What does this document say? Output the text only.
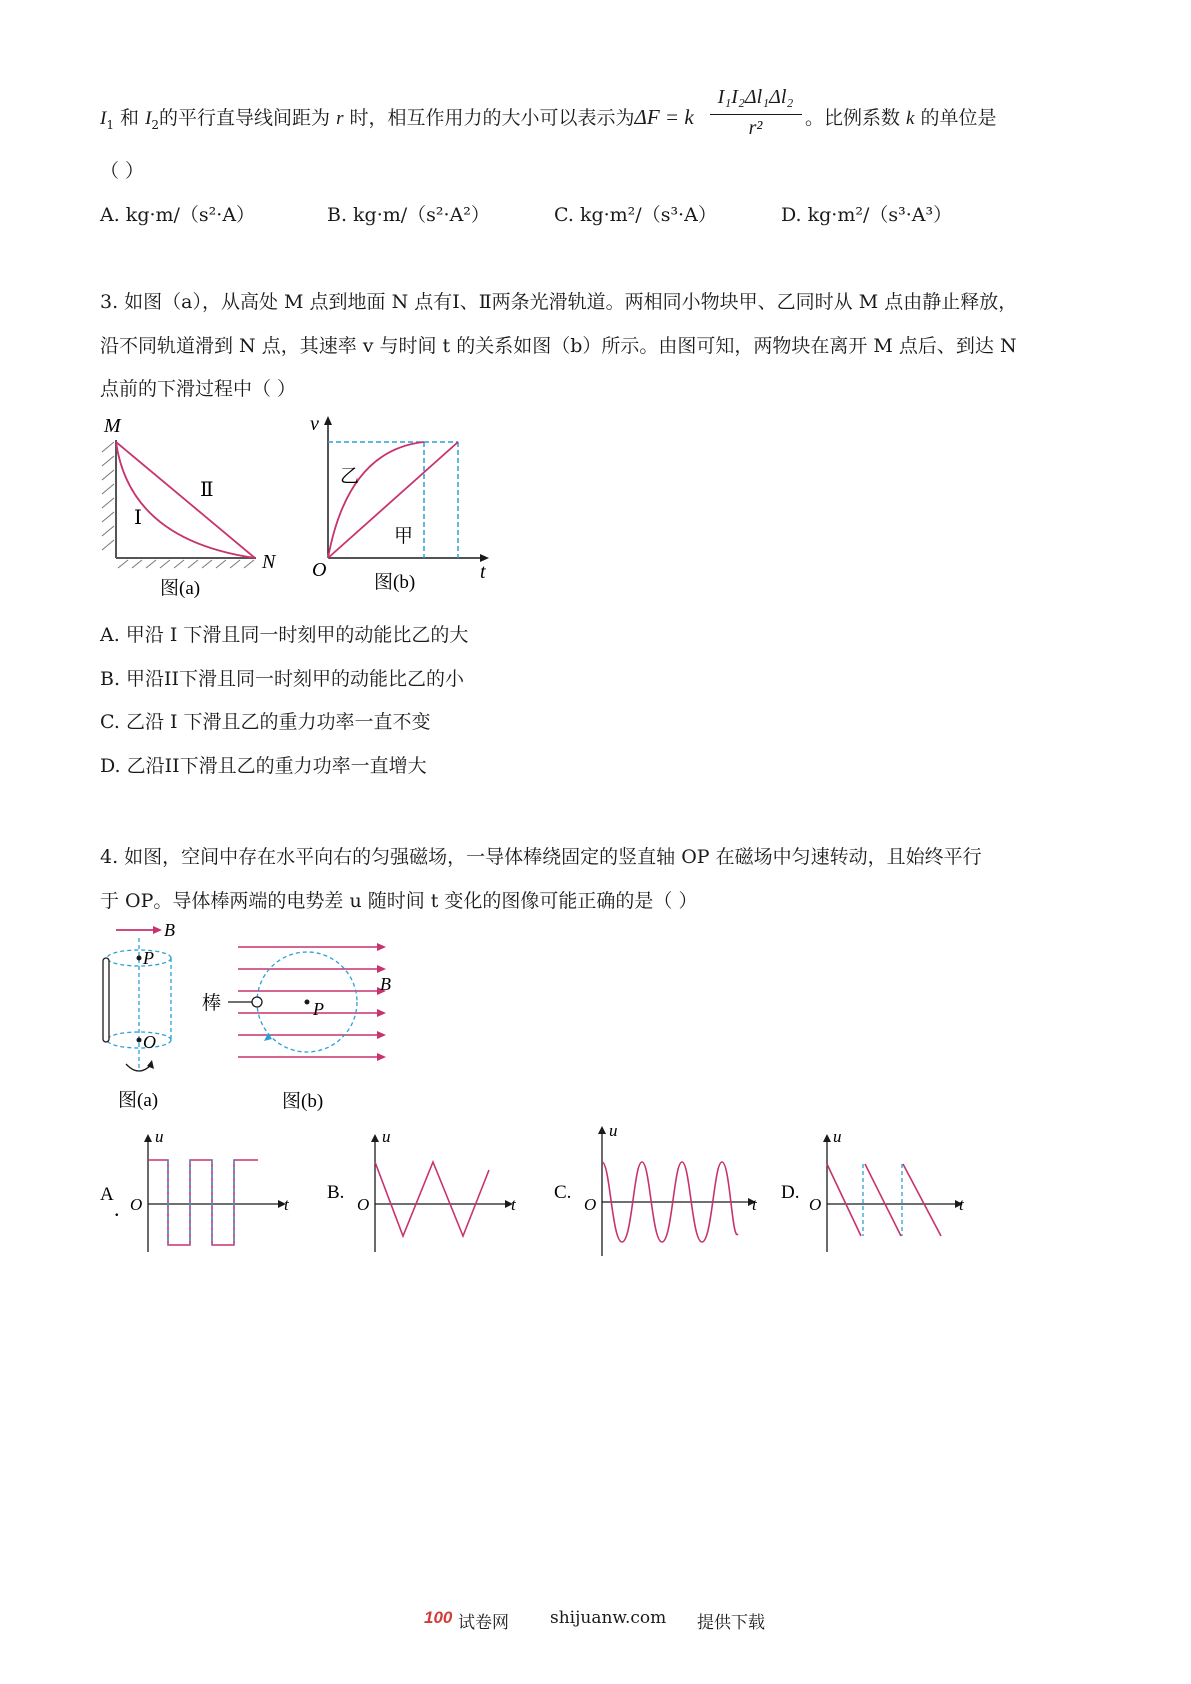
$I_1$ 和 $I_2$的平行直导线间距为 r 时，相互作用力的大小可以表示为ΔF = k
I₁I₂Δl₁Δl₂
r²	。比例系数 k 的单位是
（ ）
A. kg·m/（s²·A）	B. kg·m/（s²·A²）	C. kg·m²/（s³·A）	D. kg·m²/（s³·A³）
3. 如图（a），从高处 M 点到地面 N 点有Ⅰ、Ⅱ两条光滑轨道。两相同小物块甲、乙同时从 M 点由静止释放，
沿不同轨道滑到 N 点，其速率 v 与时间 t 的关系如图（b）所示。由图可知，两物块在离开 M 点后、到达 N
点前的下滑过程中（ ）
M
N
Ⅰ
Ⅱ
图(a)
v
t
O
乙
甲
图(b)
A. 甲沿 I 下滑且同一时刻甲的动能比乙的大
B. 甲沿II下滑且同一时刻甲的动能比乙的小
C. 乙沿 I 下滑且乙的重力功率一直不变
D. 乙沿II下滑且乙的重力功率一直增大
4. 如图，空间中存在水平向右的匀强磁场，一导体棒绕固定的竖直轴 OP 在磁场中匀速转动，且始终平行
于 OP。导体棒两端的电势差 u 随时间 t 变化的图像可能正确的是（ ）
B
P
O
图(a)
P
B
棒
图(b)
A
.
u
t
O
B.
u
t
O
C.
u
t
O
D.
u
t
O
100 试卷网 shijuanw.com 提供下载
